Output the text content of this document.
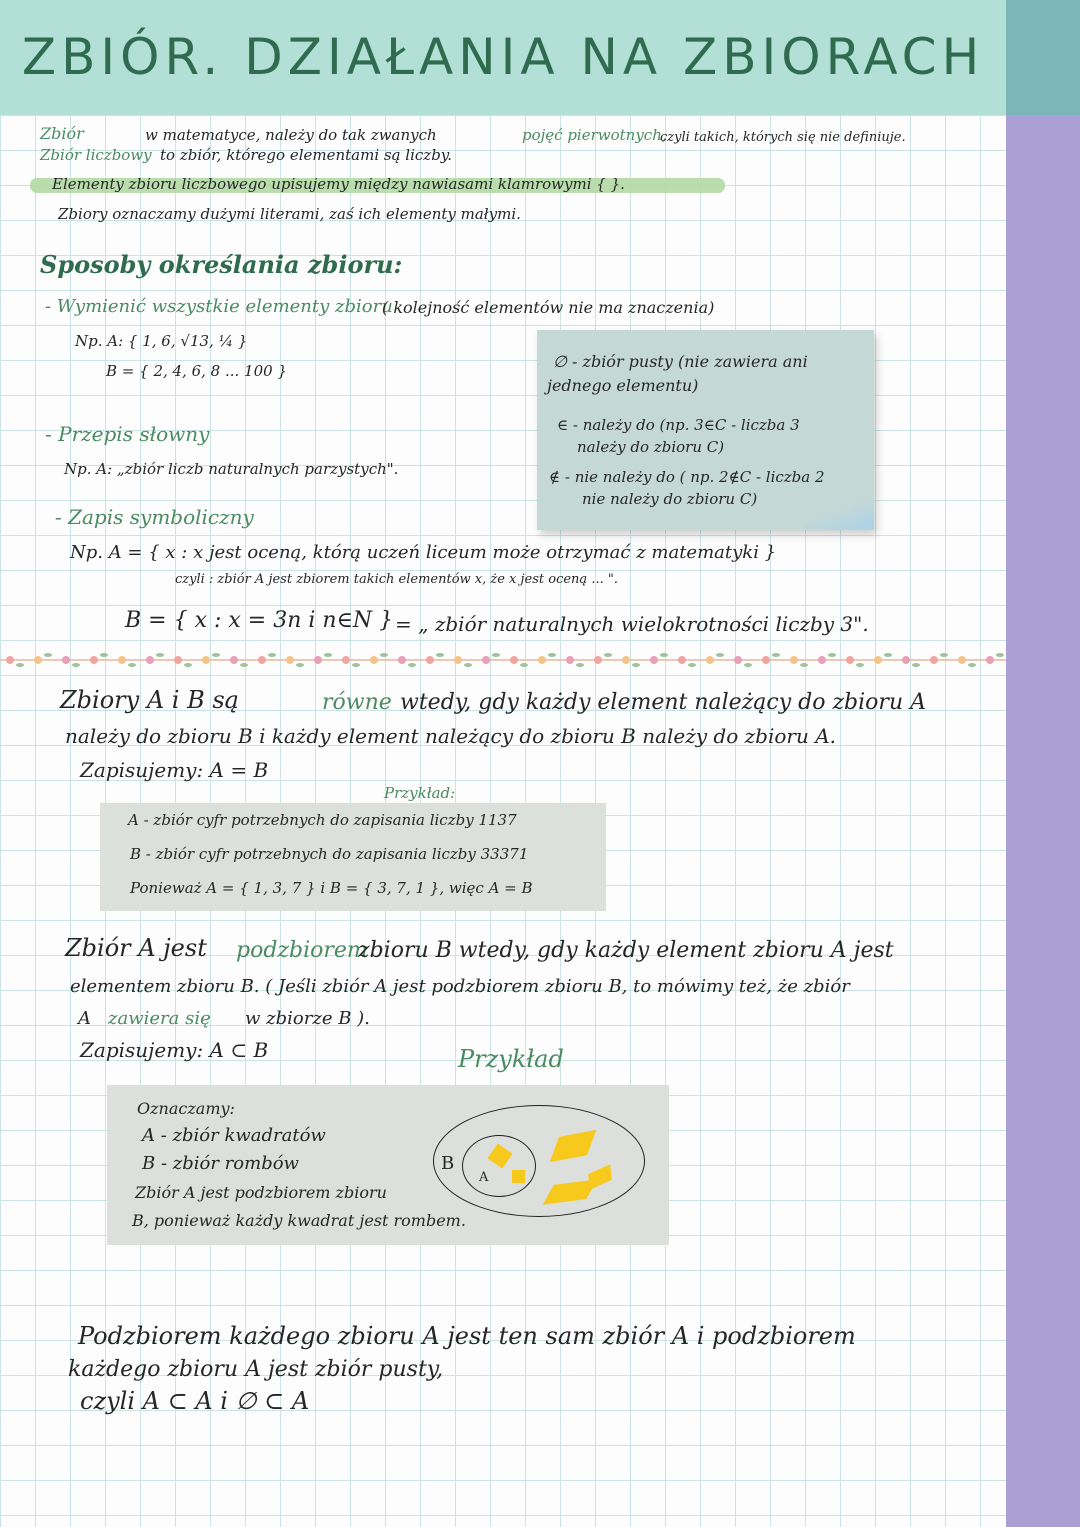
ZBIÓR. DZIAŁANIA NA ZBIORACH
Zbiór	w matematyce, należy do tak zwanych	pojęć pierwotnych,
czyli takich, których się nie definiuje.
Zbiór liczbowy to zbiór, którego elementami są liczby.
Elementy zbioru liczbowego upisujemy między nawiasami klamrowymi { }.
Zbiory oznaczamy dużymi literami, zaś ich elementy małymi.
Sposoby określania zbioru:
- Wymienić wszystkie elementy zbioru
( kolejność elementów nie ma znaczenia)
Np. A: { 1, 6, √13, ¼ }
B = { 2, 4, 6, 8 ... 100 }
- Przepis słowny
Np. A: „zbiór liczb naturalnych parzystych".
- Zapis symboliczny
Np. A = { x : x jest oceną, którą uczeń liceum może otrzymać z matematyki }
czyli : zbiór A jest zbiorem takich elementów x, że x jest oceną ... ".
B = { x : x = 3n i n∈N } = „ zbiór naturalnych wielokrotności liczby 3".
∅ - zbiór pusty (nie zawiera ani
jednego elementu)
∈ - należy do (np. 3∈C - liczba 3
należy do zbioru C)
∉ - nie należy do ( np. 2∉C - liczba 2
nie należy do zbioru C)
Zbiory A i B są	równe wtedy, gdy każdy element należący do zbioru A
należy do zbioru B i każdy element należący do zbioru B należy do zbioru A.
Zapisujemy: A = B
Przykład:
A - zbiór cyfr potrzebnych do zapisania liczby 1137
B - zbiór cyfr potrzebnych do zapisania liczby 33371
Ponieważ A = { 1, 3, 7 } i B = { 3, 7, 1 }, więc A = B
Zbiór A jest podzbiorem
zbioru B wtedy, gdy każdy element zbioru A jest
elementem zbioru B. ( Jeśli zbiór A jest podzbiorem zbioru B, to mówimy też, że zbiór
A zawiera się w zbiorze B ).
Zapisujemy: A ⊂ B	Przykład
Oznaczamy:
A - zbiór kwadratów
B - zbiór rombów
Zbiór A jest podzbiorem zbioru
B, ponieważ każdy kwadrat jest rombem.
B
A
Podzbiorem każdego zbioru A jest ten sam zbiór A i podzbiorem
każdego zbioru A jest zbiór pusty,
czyli A ⊂ A i ∅ ⊂ A
